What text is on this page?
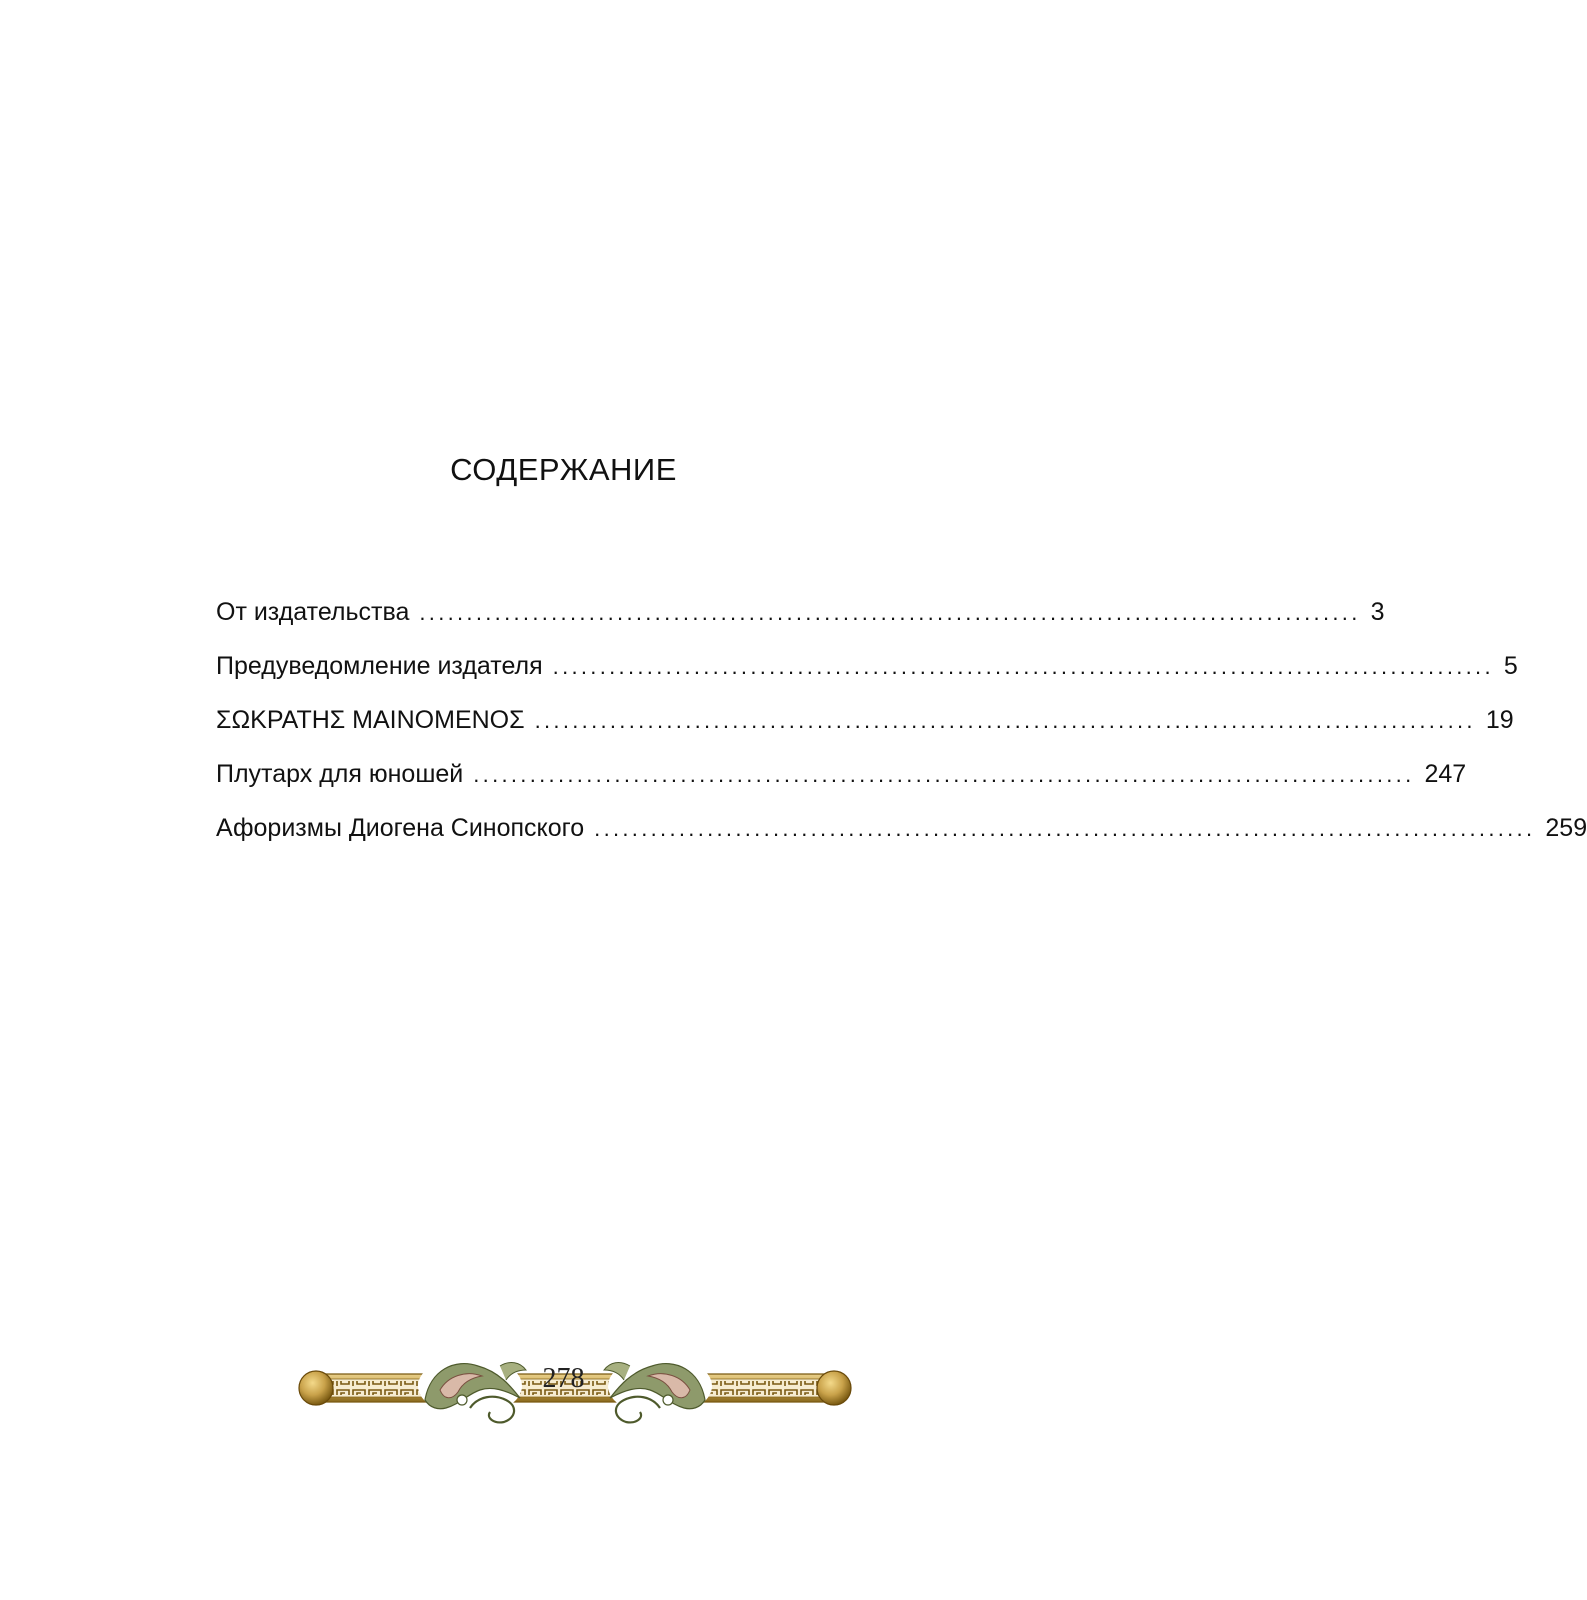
СОДЕРЖАНИЕ
От издательства .................................................................................................... 3
Предуведомление издателя .................................................................................................... 5
ΣΩΚΡΑΤΗΣ ΜΑΙΝΟΜΕΝΟΣ .................................................................................................... 19
Плутарх для юношей .................................................................................................... 247
Афоризмы Диогена Синопского .................................................................................................... 259
278
